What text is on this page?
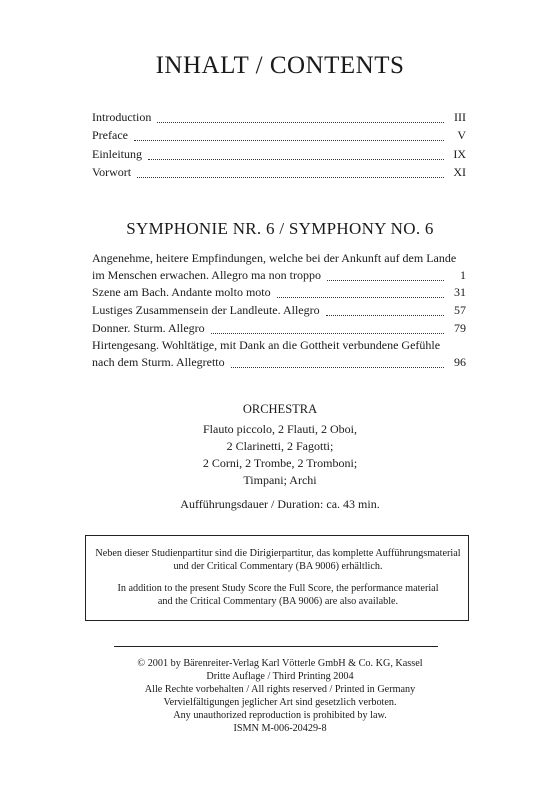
INHALT / CONTENTS
Introduction	III
Preface	V
Einleitung	IX
Vorwort	XI
SYMPHONIE NR. 6 / SYMPHONY NO. 6
Angenehme, heitere Empfindungen, welche bei der Ankunft auf dem Lande
im Menschen erwachen. Allegro ma non troppo	1
Szene am Bach. Andante molto moto	31
Lustiges Zusammensein der Landleute. Allegro	57
Donner. Sturm. Allegro	79
Hirtengesang. Wohltätige, mit Dank an die Gottheit verbundene Gefühle
nach dem Sturm. Allegretto	96
ORCHESTRA
Flauto piccolo, 2 Flauti, 2 Oboi,
2 Clarinetti, 2 Fagotti;
2 Corni, 2 Trombe, 2 Tromboni;
Timpani; Archi
Aufführungsdauer / Duration: ca. 43 min.
Neben dieser Studienpartitur sind die Dirigierpartitur, das komplette Aufführungsmaterial
und der Critical Commentary (BA 9006) erhältlich.
In addition to the present Study Score the Full Score, the performance material
and the Critical Commentary (BA 9006) are also available.
© 2001 by Bärenreiter-Verlag Karl Vötterle GmbH & Co. KG, Kassel
Dritte Auflage / Third Printing 2004
Alle Rechte vorbehalten / All rights reserved / Printed in Germany
Vervielfältigungen jeglicher Art sind gesetzlich verboten.
Any unauthorized reproduction is prohibited by law.
ISMN M-006-20429-8
